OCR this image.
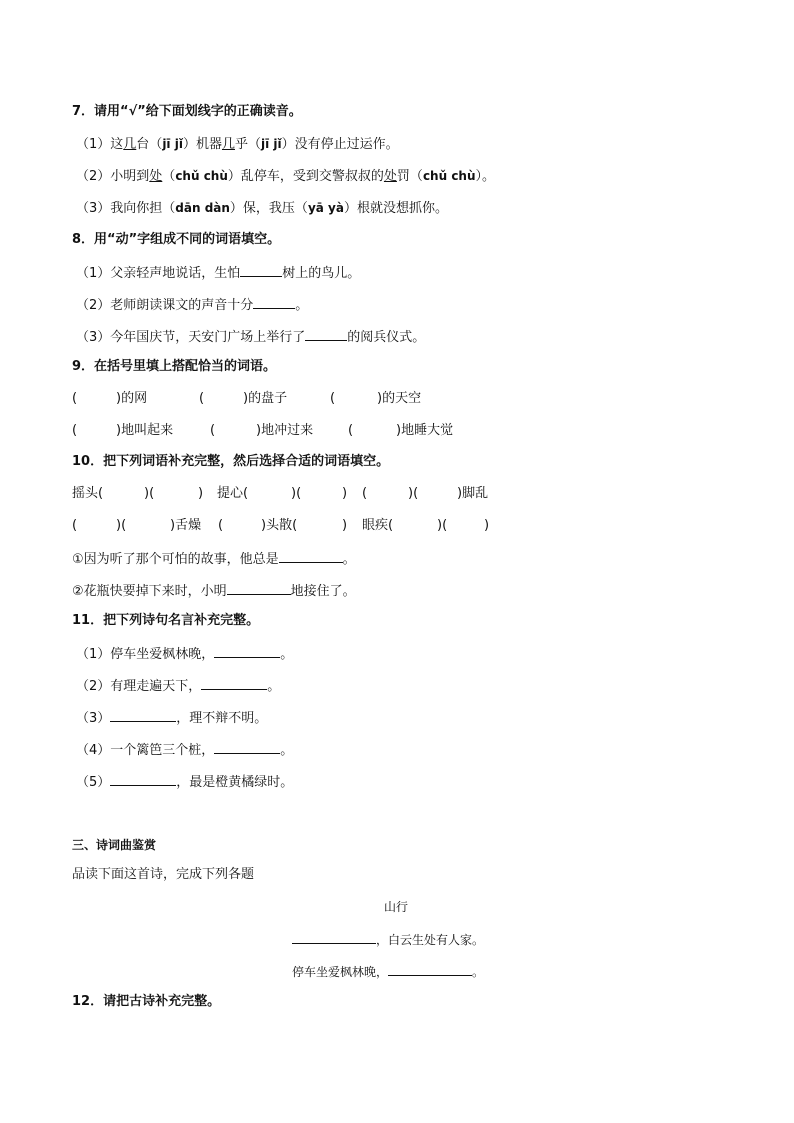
7．请用“√”给下面划线字的正确读音。
（1）这几台（jī jǐ）机器几乎（jī jǐ）没有停止过运作。
（2）小明到处（chǔ chù）乱停车，受到交警叔叔的处罚（chǔ chù）。
（3）我向你担（dān dàn）保，我压（yā yà）根就没想抓你。
8．用“动”字组成不同的词语填空。
（1）父亲轻声地说话，生怕	树上的鸟儿。
（2）老师朗读课文的声音十分	。
（3）今年国庆节，天安门广场上举行了	的阅兵仪式。
9．在括号里填上搭配恰当的词语。
(	)的网	(	)的盘子	(	)的天空
(	)地叫起来	(	)地冲过来	(	)地睡大觉
10．把下列词语补充完整，然后选择合适的词语填空。
摇头(	)(	) 提心(	)(	) (	)(	)脚乱
(	)(	)舌燥 (	)头散(	) 眼疾(	)(	)
①因为听了那个可怕的故事，他总是	。
②花瓶快要掉下来时，小明	地接住了。
11．把下列诗句名言补充完整。
（1）停车坐爱枫林晚，	。
（2）有理走遍天下，	。
（3）	，理不辩不明。
（4）一个篱笆三个桩，	。
（5）	，最是橙黄橘绿时。
三、诗词曲鉴赏
品读下面这首诗，完成下列各题
山行
，白云生处有人家。
停车坐爱枫林晚，	。
12．请把古诗补充完整。
